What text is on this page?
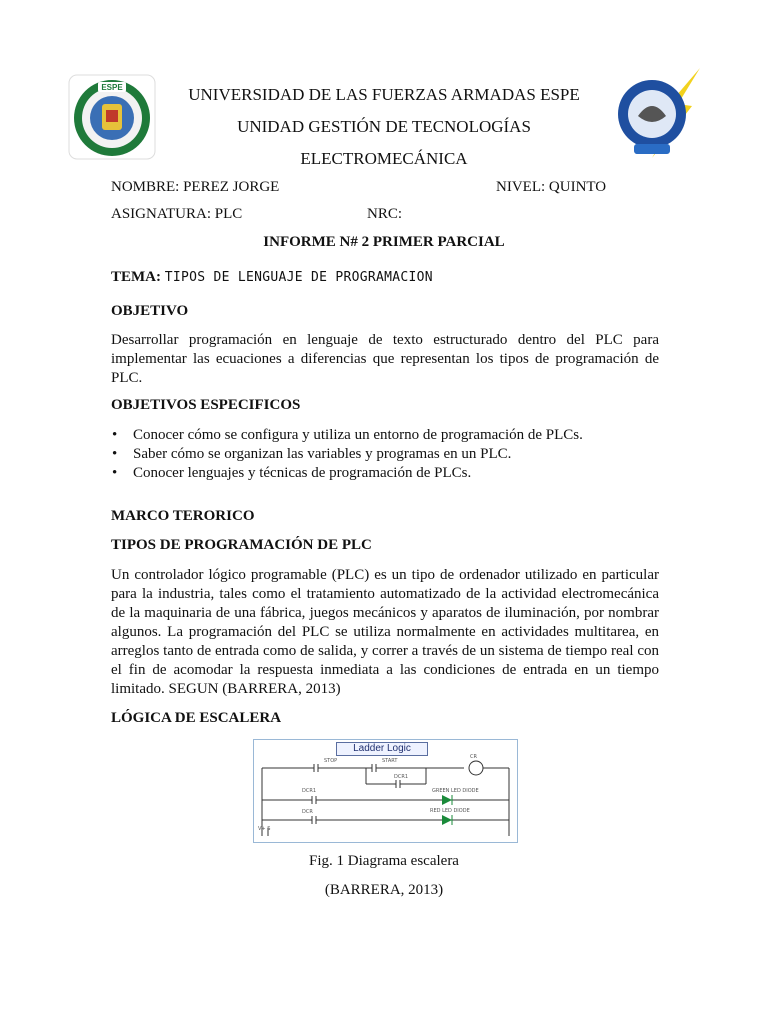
ESPE	UNIVERSIDAD DE LAS FUERZAS ARMADAS ESPE
UNIDAD GESTIÓN DE TECNOLOGÍAS
ELECTROMECÁNICA
NOMBRE: PEREZ JORGE	NIVEL: QUINTO
ASIGNATURA: PLC	NRC:
INFORME N# 2 PRIMER PARCIAL
TEMA: TIPOS DE LENGUAJE DE PROGRAMACION
OBJETIVO
Desarrollar programación en lenguaje de texto estructurado dentro del PLC para implementar las ecuaciones a diferencias que representan los tipos de programación de PLC.
OBJETIVOS ESPECIFICOS
• Conocer cómo se configura y utiliza un entorno de programación de PLCs.
• Saber cómo se organizan las variables y programas en un PLC.
• Conocer lenguajes y técnicas de programación de PLCs.
MARCO TERORICO
TIPOS DE PROGRAMACIÓN DE PLC
Un controlador lógico programable (PLC) es un tipo de ordenador utilizado en particular para la industria, tales como el tratamiento automatizado de la actividad electromecánica de la maquinaria de una fábrica, juegos mecánicos y aparatos de iluminación, por nombrar algunos. La programación del PLC se utiliza normalmente en actividades multitarea, en arreglos tanto de entrada como de salida, y correr a través de un sistema de tiempo real con el fin de acomodar la respuesta inmediata a las condiciones de entrada en un tiempo limitado. SEGUN (BARRERA, 2013)
LÓGICA DE ESCALERA
Ladder Logic
STOP	START
CR
DCR1
DCR1	GREEN LED DIODE
DCR	RED LED DIODE
V+ S
Fig. 1 Diagrama escalera
(BARRERA, 2013)
